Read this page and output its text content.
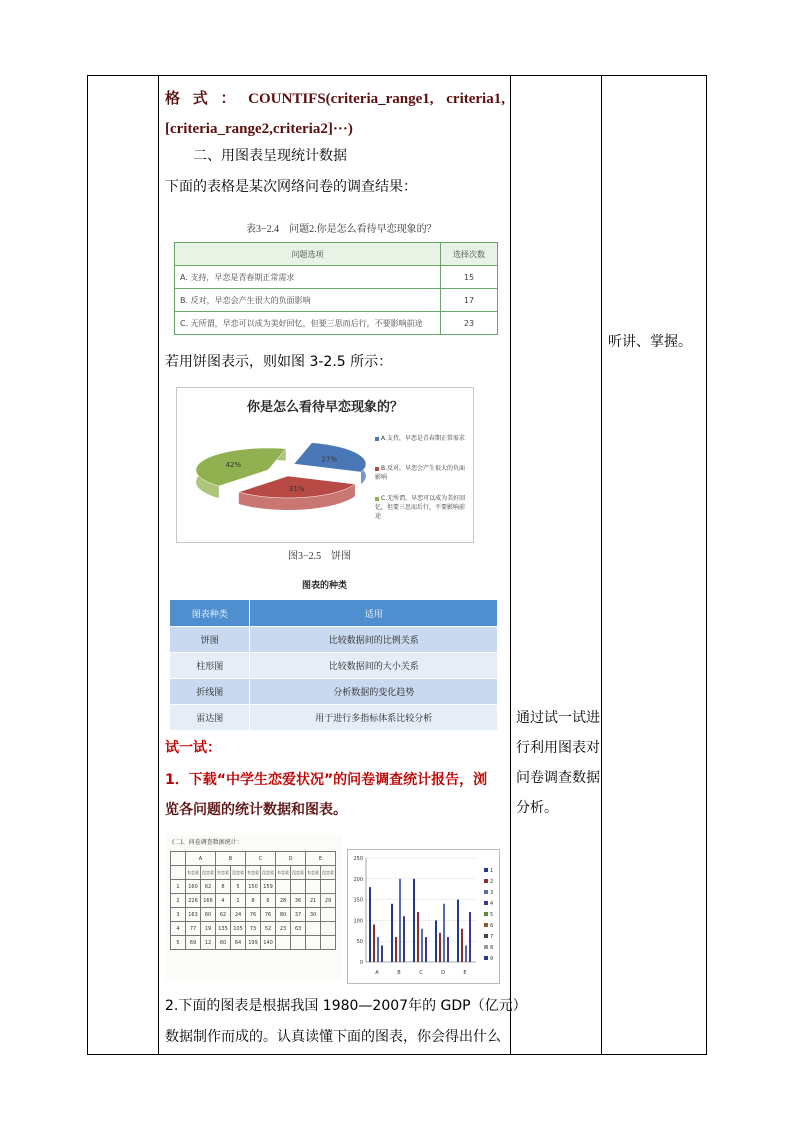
格 式 ： COUNTIFS(criteria_range1, criteria1,
[criteria_range2,criteria2]···)
二、用图表呈现统计数据
下面的表格是某次网络问卷的调查结果：
表3−2.4　问题2.你是怎么看待早恋现象的？
问题选项	选择次数
A. 支持，早恋是青春期正常需求	15
B. 反对，早恋会产生很大的负面影响	17
C. 无所谓，早恋可以成为美好回忆，但要三思而后行，不要影响前途	23
若用饼图表示，则如图 3-2.5 所示：
你是怎么看待早恋现象的？
27%
31%
42%
A.支持，早恋是青春期正常需求
B.反对，早恋会产生很大的负面影响
C.无所谓，早恋可以成为美好回忆，但要三思而后行，不要影响前途
图3−2.5　饼图
图表的种类
图表种类	适用
饼图	比较数据间的比例关系
柱形图	比较数据间的大小关系
折线图	分析数据的变化趋势
雷达图	用于进行多指标体系比较分析
试一试：
1．下载“中学生恋爱状况”的问卷调查统计报告，浏
览各问题的统计数据和图表。
(二)、问卷调查数据统计：
	A		B		C		D		E	
	有恋爱	没恋爱	有恋爱	没恋爱	有恋爱	没恋爱	有恋爱	没恋爱	有恋爱	没恋爱
1	160	62	8	5	150	159				
2	226	166	4	1	8	6	28	36	21	29
3	163	60	62	24	76	76	80	37	30	
4	77	19	135	105	73	52	23	63		
5	69	12	60	64	199	140				
0
50
100
150
200
250
A	B	C	D	E
1
2
3
4
5
6
7
8
9
2.下面的图表是根据我国 1980—2007年的 GDP（亿元）
数据制作而成的。认真读懂下面的图表，你会得出什么
通过试一试进行利用图表对问卷调查数据分析。
听讲、掌握。
